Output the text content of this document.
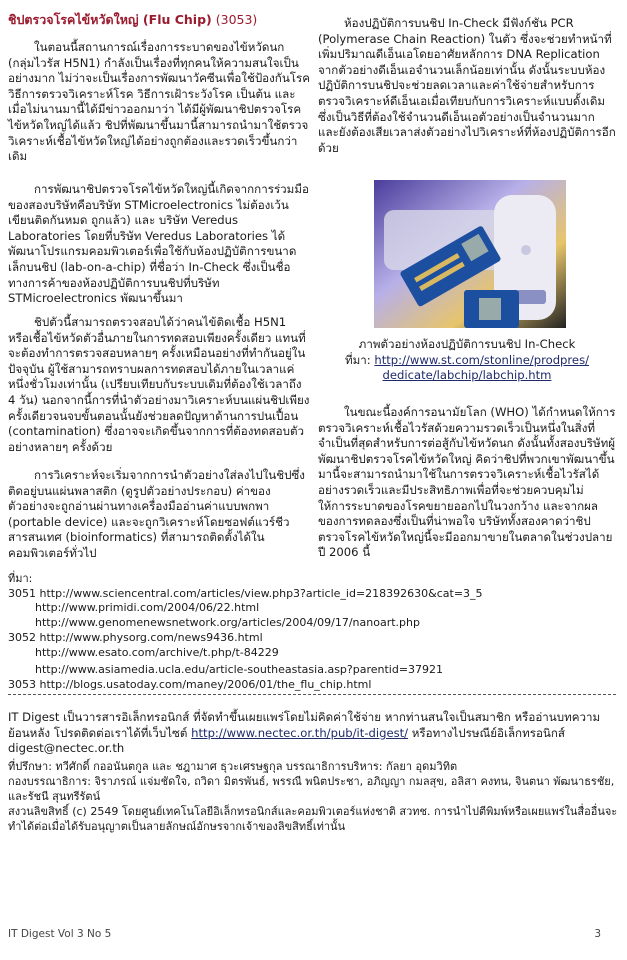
ชิปตรวจโรคไข้หวัดใหญ่ (Flu Chip) (3053)

ในตอนนี้สถานการณ์เรื่องการระบาดของไข้หวัดนก (กลุ่มไวรัส H5N1) กำลังเป็นเรื่องที่ทุกคนให้ความสนใจเป็นอย่างมาก ไม่ว่าจะเป็นเรื่องการพัฒนาวัคซีนเพื่อใช้ป้องกันโรค วิธีการตรวจวิเคราะห์โรค วิธีการเฝ้าระวังโรค เป็นต้น และเมื่อไม่นานมานี้ได้มีข่าวออกมาว่า ได้มีผู้พัฒนาชิปตรวจโรคไข้หวัดใหญ่ได้แล้ว ชิปที่พัฒนาขึ้นมานี้สามารถนำมาใช้ตรวจวิเคราะห์เชื้อไข้หวัดใหญ่ได้อย่างถูกต้องและรวดเร็วขึ้นกว่าเดิม

การพัฒนาชิปตรวจโรคไข้หวัดใหญ่นี้เกิดจากการร่วมมือของสองบริษัทคือบริษัท STMicroelectronics ไม่ต้องเว้น เขียนติดกันหมด ถูกแล้ว) และ บริษัท Veredus Laboratories โดยที่บริษัท Veredus Laboratories ได้พัฒนาโปรแกรมคอมพิวเตอร์เพื่อใช้กับห้องปฏิบัติการขนาดเล็กบนชิป (lab-on-a-chip) ที่ชื่อว่า In-Check ซึ่งเป็นชื่อทางการค้าของห้องปฏิบัติการบนชิปที่บริษัท STMicroelectronics พัฒนาขึ้นมา

ชิปตัวนี้สามารถตรวจสอบได้ว่าคนไข้ติดเชื้อ H5N1 หรือเชื้อไข้หวัดตัวอื่นภายในการทดสอบเพียงครั้งเดียว แทนที่จะต้องทำการตรวจสอบหลายๆ ครั้งเหมือนอย่างที่ทำกันอยู่ในปัจจุบัน ผู้ใช้สามารถทราบผลการทดสอบได้ภายในเวลาแค่หนึ่งชั่วโมงเท่านั้น (เปรียบเทียบกับระบบเดิมที่ต้องใช้เวลาถึง 4 วัน) นอกจากนี้การที่นำตัวอย่างมาวิเคราะห์บนแผ่นชิปเพียงครั้งเดียวจนจบขั้นตอนนั้นยังช่วยลดปัญหาด้านการปนเปื้อน (contamination) ซึ่งอาจจะเกิดขึ้นจากการที่ต้องทดสอบตัวอย่างหลายๆ ครั้งด้วย

การวิเคราะห์จะเริ่มจากการนำตัวอย่างใส่ลงไปในชิปซึ่งติดอยู่บนแผ่นพลาสติก (ดูรูปตัวอย่างประกอบ) ค่าของตัวอย่างจะถูกอ่านผ่านทางเครื่องมืออ่านค่าแบบพกพา (portable device) และจะถูกวิเคราะห์โดยซอฟต์แวร์ชีวสารสนเทศ (bioinformatics) ที่สามารถติดตั้งได้ในคอมพิวเตอร์ทั่วไป

ห้องปฏิบัติการบนชิป In-Check มีฟังก์ชัน PCR (Polymerase Chain Reaction) ในตัว ซึ่งจะช่วยทำหน้าที่เพิ่มปริมาณดีเอ็นเอโดยอาศัยหลักการ DNA Replication จากตัวอย่างดีเอ็นเอจำนวนเล็กน้อยเท่านั้น ดังนั้นระบบห้องปฏิบัติการบนชิปจะช่วยลดเวลาและค่าใช้จ่ายสำหรับการตรวจวิเคราะห์ดีเอ็นเอเมื่อเทียบกับการวิเคราะห์แบบดั้งเดิม ซึ่งเป็นวิธีที่ต้องใช้จำนวนดีเอ็นเอตัวอย่างเป็นจำนวนมาก และยังต้องเสียเวลาส่งตัวอย่างไปวิเคราะห์ที่ห้องปฏิบัติการอีกด้วย

ภาพตัวอย่างห้องปฏิบัติการบนชิป In-Check
ที่มา: http://www.st.com/stonline/prodpres/
dedicate/labchip/labchip.htm

ในขณะนี้องค์การอนามัยโลก (WHO) ได้กำหนดให้การตรวจวิเคราะห์เชื้อไวรัสด้วยความรวดเร็วเป็นหนึ่งในสิ่งที่จำเป็นที่สุดสำหรับการต่อสู้กับไข้หวัดนก ดังนั้นทั้งสองบริษัทผู้พัฒนาชิปตรวจโรคไข้หวัดใหญ่ คิดว่าชิปที่พวกเขาพัฒนาขึ้นมานี้จะสามารถนำมาใช้ในการตรวจวิเคราะห์เชื้อไวรัสได้อย่างรวดเร็วและมีประสิทธิภาพเพื่อที่จะช่วยควบคุมไม่ให้การระบาดของโรคขยายออกไปในวงกว้าง และจากผลของการทดลองซึ่งเป็นที่น่าพอใจ บริษัททั้งสองคาดว่าชิปตรวจโรคไข้หวัดใหญ่นี้จะมีออกมาขายในตลาดในช่วงปลายปี 2006 นี้

ที่มา:
3051 http://www.sciencentral.com/articles/view.php3?article_id=218392630&cat=3_5
http://www.primidi.com/2004/06/22.html
http://www.genomenewsnetwork.org/articles/2004/09/17/nanoart.php
3052 http://www.physorg.com/news9436.html
http://www.esato.com/archive/t.php/t-84229
http://www.asiamedia.ucla.edu/article-southeastasia.asp?parentid=37921
3053 http://blogs.usatoday.com/maney/2006/01/the_flu_chip.html
IT Digest เป็นวารสารอิเล็กทรอนิกส์ ที่จัดทำขึ้นเผยแพร่โดยไม่คิดค่าใช้จ่าย หากท่านสนใจเป็นสมาชิก หรืออ่านบทความย้อนหลัง โปรดติดต่อเราได้ที่เว็บไซต์ http://www.nectec.or.th/pub/it-digest/ หรือทางไปรษณีย์อิเล็กทรอนิกส์ digest@nectec.or.th
ที่ปรึกษา: ทวีศักดิ์ กออนันตกูล และ ชฎามาศ ธุวะเศรษฐกุล บรรณาธิการบริหาร: กัลยา อุดมวิทิต
กองบรรณาธิการ: จิราภรณ์ แจ่มชัดใจ, ถวิดา มิตรพันธ์, พรรณี พนิตประชา, อภิญญา กมลสุข, อลิสา คงทน, จินตนา พัฒนาธรชัย, และรัชนี สุนทรีรัตน์
สงวนลิขสิทธิ์ (c) 2549 โดยศูนย์เทคโนโลยีอิเล็กทรอนิกส์และคอมพิวเตอร์แห่งชาติ สวทช. การนำไปตีพิมพ์หรือเผยแพร่ในสื่ออื่นจะทำได้ต่อเมื่อได้รับอนุญาตเป็นลายลักษณ์อักษรจากเจ้าของลิขสิทธิ์เท่านั้น
IT Digest Vol 3 No 5	3
